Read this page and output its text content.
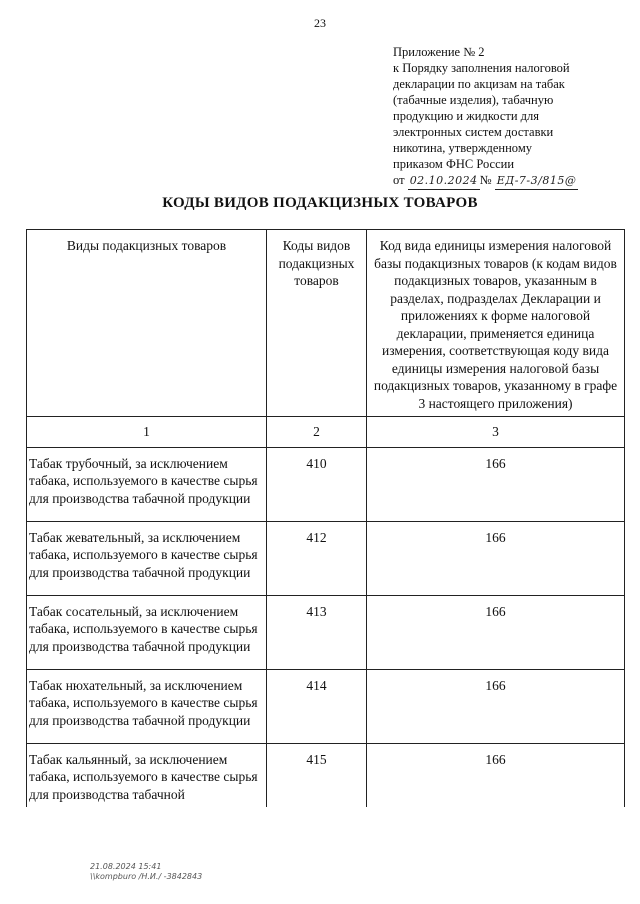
23
Приложение № 2
к Порядку заполнения налоговой
декларации по акцизам на табак
(табачные изделия), табачную
продукцию и жидкости для
электронных систем доставки
никотина, утвержденному
приказом ФНС России
от 02.10.2024 № ЕД-7-3/815@
КОДЫ ВИДОВ ПОДАКЦИЗНЫХ ТОВАРОВ
Виды подакцизных товаров	Коды видов подакцизных товаров	Код вида единицы измерения налоговой базы подакцизных товаров (к кодам видов подакцизных товаров, указанным в разделах, подразделах Декларации и приложениях к форме налоговой декларации, применяется единица измерения, соответствующая коду вида единицы измерения налоговой базы подакцизных товаров, указанному в графе 3 настоящего приложения)
1	2	3
Табак трубочный, за исключением табака, используемого в качестве сырья для производства табачной продукции	410	166
Табак жевательный, за исключением табака, используемого в качестве сырья для производства табачной продукции	412	166
Табак сосательный, за исключением табака, используемого в качестве сырья для производства табачной продукции	413	166
Табак нюхательный, за исключением табака, используемого в качестве сырья для производства табачной продукции	414	166
Табак кальянный, за исключением табака, используемого в качестве сырья для производства табачной	415	166
21.08.2024 15:41
\\kompburo /Н.И./ -3842843
